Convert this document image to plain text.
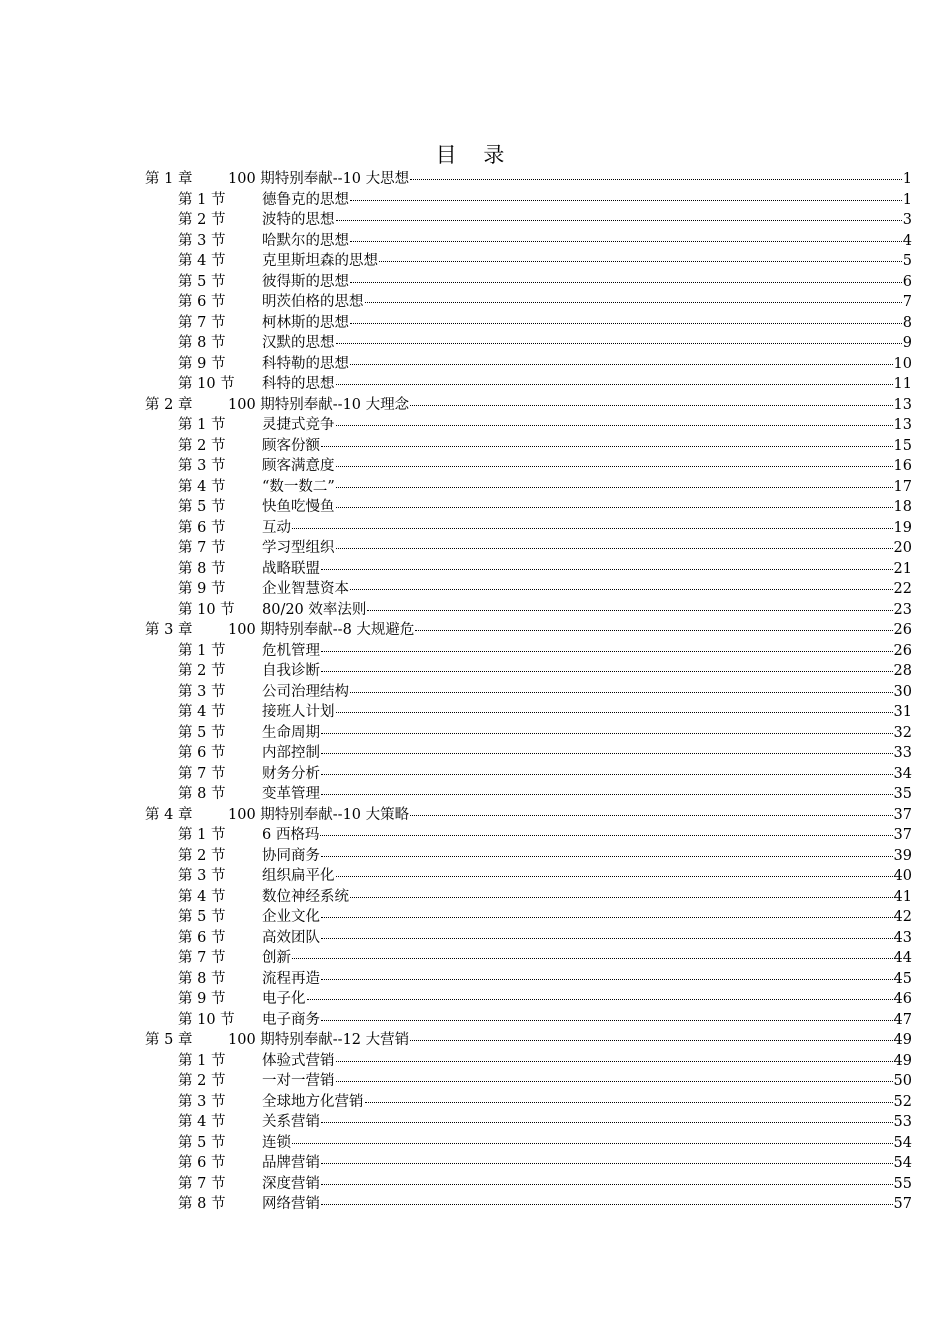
目 录
第 1 章	100 期特别奉献--10 大思想	1
第 1 节	德鲁克的思想	1
第 2 节	波特的思想	3
第 3 节	哈默尔的思想	4
第 4 节	克里斯坦森的思想	5
第 5 节	彼得斯的思想	6
第 6 节	明茨伯格的思想	7
第 7 节	柯林斯的思想	8
第 8 节	汉默的思想	9
第 9 节	科特勒的思想	10
第 10 节	科特的思想	11
第 2 章	100 期特别奉献--10 大理念	13
第 1 节	灵捷式竞争	13
第 2 节	顾客份额	15
第 3 节	顾客满意度	16
第 4 节	“数一数二”	17
第 5 节	快鱼吃慢鱼	18
第 6 节	互动	19
第 7 节	学习型组织	20
第 8 节	战略联盟	21
第 9 节	企业智慧资本	22
第 10 节	80/20 效率法则	23
第 3 章	100 期特别奉献--8 大规避危	26
第 1 节	危机管理	26
第 2 节	自我诊断	28
第 3 节	公司治理结构	30
第 4 节	接班人计划	31
第 5 节	生命周期	32
第 6 节	内部控制	33
第 7 节	财务分析	34
第 8 节	变革管理	35
第 4 章	100 期特别奉献--10 大策略	37
第 1 节	6 西格玛	37
第 2 节	协同商务	39
第 3 节	组织扁平化	40
第 4 节	数位神经系统	41
第 5 节	企业文化	42
第 6 节	高效团队	43
第 7 节	创新	44
第 8 节	流程再造	45
第 9 节	电子化	46
第 10 节	电子商务	47
第 5 章	100 期特别奉献--12 大营销	49
第 1 节	体验式营销	49
第 2 节	一对一营销	50
第 3 节	全球地方化营销	52
第 4 节	关系营销	53
第 5 节	连锁	54
第 6 节	品牌营销	54
第 7 节	深度营销	55
第 8 节	网络营销	57
